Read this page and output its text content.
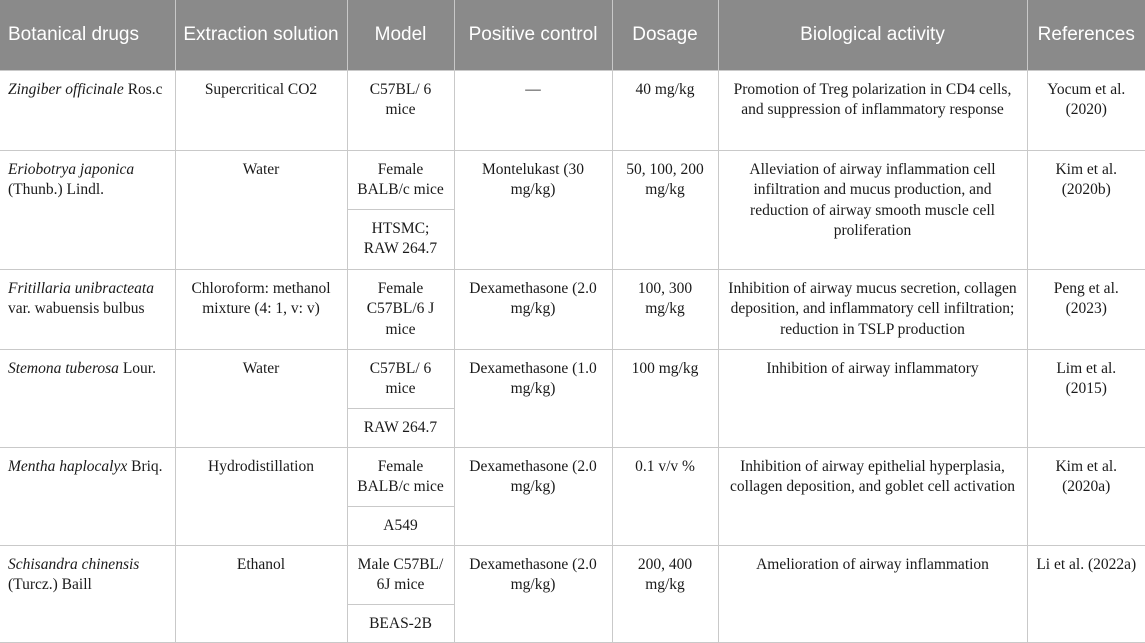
Botanical drugs	Extraction solution	Model	Positive control	Dosage	Biological activity	References
Zingiber officinale Ros.c	Supercritical CO2	C57BL/ 6 mice	—	40 mg/kg	Promotion of Treg polarization in CD4 cells, and suppression of inflammatory response	Yocum et al. (2020)
Eriobotrya japonica (Thunb.) Lindl.	Water	Female BALB/c mice	Montelukast (30 mg/kg)	50, 100, 200 mg/kg	Alleviation of airway inflammation cell infiltration and mucus production, and reduction of airway smooth muscle cell proliferation	Kim et al. (2020b)
		HTSMC; RAW 264.7				
Fritillaria unibracteata var. wabuensis bulbus	Chloroform: methanol mixture (4: 1, v: v)	Female C57BL/6 J mice	Dexamethasone (2.0 mg/kg)	100, 300 mg/kg	Inhibition of airway mucus secretion, collagen deposition, and inflammatory cell infiltration; reduction in TSLP production	Peng et al. (2023)
Stemona tuberosa Lour.	Water	C57BL/ 6 mice	Dexamethasone (1.0 mg/kg)	100 mg/kg	Inhibition of airway inflammatory	Lim et al. (2015)
		RAW 264.7				
Mentha haplocalyx Briq.	Hydrodistillation	Female BALB/c mice	Dexamethasone (2.0 mg/kg)	0.1 v/v %	Inhibition of airway epithelial hyperplasia, collagen deposition, and goblet cell activation	Kim et al. (2020a)
		A549				
Schisandra chinensis (Turcz.) Baill	Ethanol	Male C57BL/ 6J mice	Dexamethasone (2.0 mg/kg)	200, 400 mg/kg	Amelioration of airway inflammation	Li et al. (2022a)
		BEAS-2B				
